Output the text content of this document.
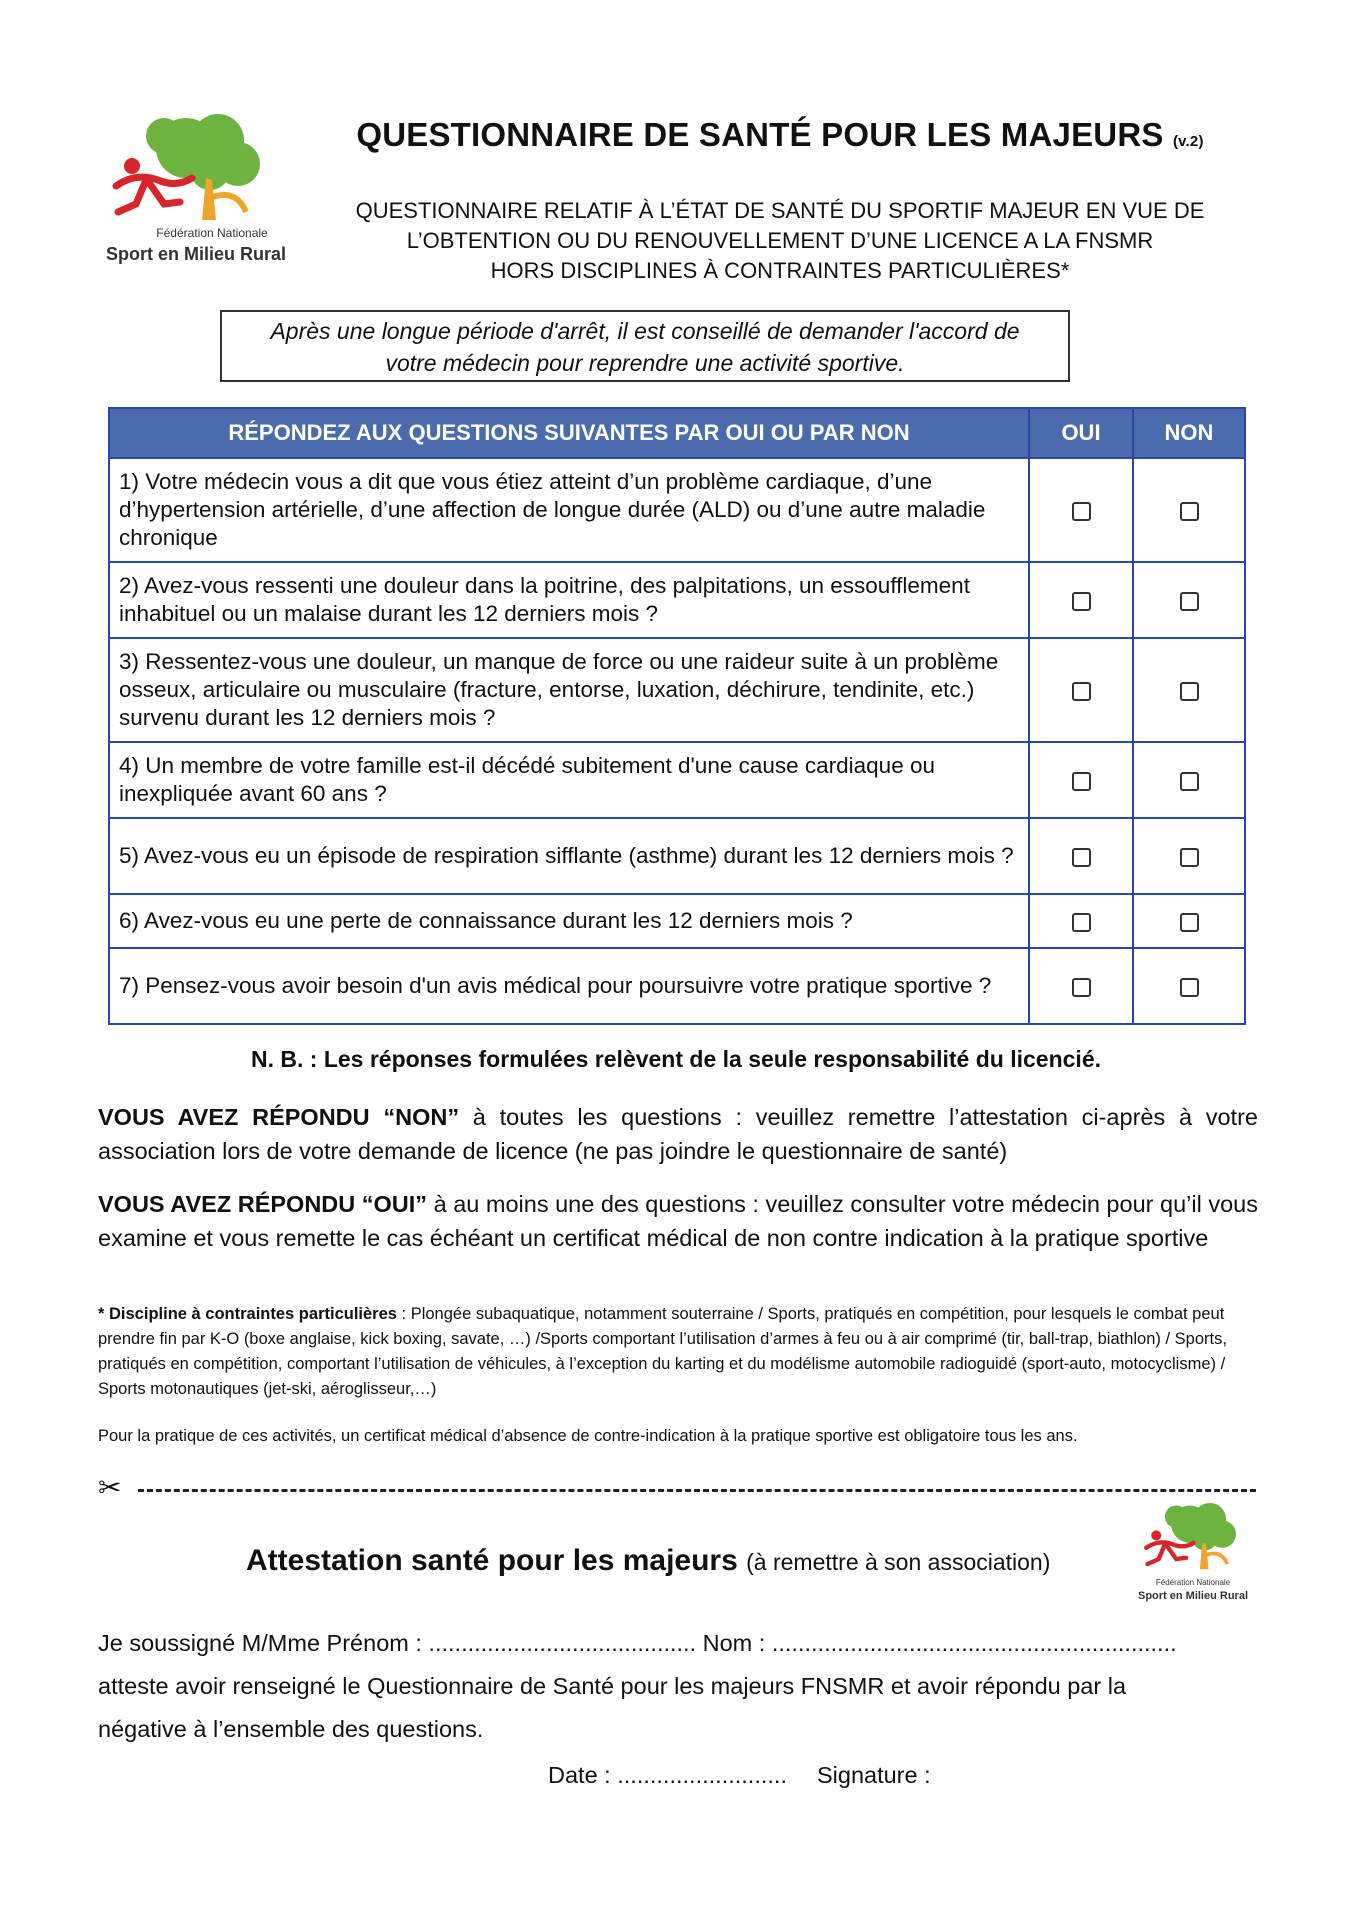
Fédération Nationale
Sport en Milieu Rural
QUESTIONNAIRE DE SANTÉ POUR LES MAJEURS (v.2)
QUESTIONNAIRE RELATIF À L’ÉTAT DE SANTÉ DU SPORTIF MAJEUR EN VUE DE
L’OBTENTION OU DU RENOUVELLEMENT D’UNE LICENCE A LA FNSMR
HORS DISCIPLINES À CONTRAINTES PARTICULIÈRES*
Après une longue période d'arrêt, il est conseillé de demander l'accord de
votre médecin pour reprendre une activité sportive.
RÉPONDEZ AUX QUESTIONS SUIVANTES PAR OUI OU PAR NON	OUI	NON
1) Votre médecin vous a dit que vous étiez atteint d’un problème cardiaque, d’une d’hypertension artérielle, d’une affection de longue durée (ALD) ou d’une autre maladie chronique		
2) Avez-vous ressenti une douleur dans la poitrine, des palpitations, un essoufflement inhabituel ou un malaise durant les 12 derniers mois ?		
3) Ressentez-vous une douleur, un manque de force ou une raideur suite à un problème osseux, articulaire ou musculaire (fracture, entorse, luxation, déchirure, tendinite, etc.) survenu durant les 12 derniers mois ?		
4) Un membre de votre famille est-il décédé subitement d'une cause cardiaque ou inexpliquée avant 60 ans ?		
5) Avez-vous eu un épisode de respiration sifflante (asthme) durant les 12 derniers mois ?		
6) Avez-vous eu une perte de connaissance durant les 12 derniers mois ?		
7) Pensez-vous avoir besoin d'un avis médical pour poursuivre votre pratique sportive ?		
N. B. : Les réponses formulées relèvent de la seule responsabilité du licencié.
VOUS AVEZ RÉPONDU “NON” à toutes les questions : veuillez remettre l’attestation ci-après à votre association lors de votre demande de licence (ne pas joindre le questionnaire de santé)
VOUS AVEZ RÉPONDU “OUI” à au moins une des questions : veuillez consulter votre médecin pour qu’il vous examine et vous remette le cas échéant un certificat médical de non contre indication à la pratique sportive
* Discipline à contraintes particulières : Plongée subaquatique, notamment souterraine / Sports, pratiqués en compétition, pour lesquels le combat peut prendre fin par K-O (boxe anglaise, kick boxing, savate, …) /Sports comportant l’utilisation d’armes à feu ou à air comprimé (tir, ball-trap, biathlon) / Sports, pratiqués en compétition, comportant l’utilisation de véhicules, à l’exception du karting et du modélisme automobile radioguidé (sport-auto, motocyclisme) / Sports motonautiques (jet-ski, aéroglisseur,…)
Pour la pratique de ces activités, un certificat médical d’absence de contre-indication à la pratique sportive est obligatoire tous les ans.
✂
Attestation santé pour les majeurs (à remettre à son association)
Fédération Nationale
Sport en Milieu Rural
Je soussigné M/Mme Prénom : ......................................... Nom : ..............................................................
atteste avoir renseigné le Questionnaire de Santé pour les majeurs FNSMR et avoir répondu par la
négative à l’ensemble des questions.
Date : .......................... Signature :
